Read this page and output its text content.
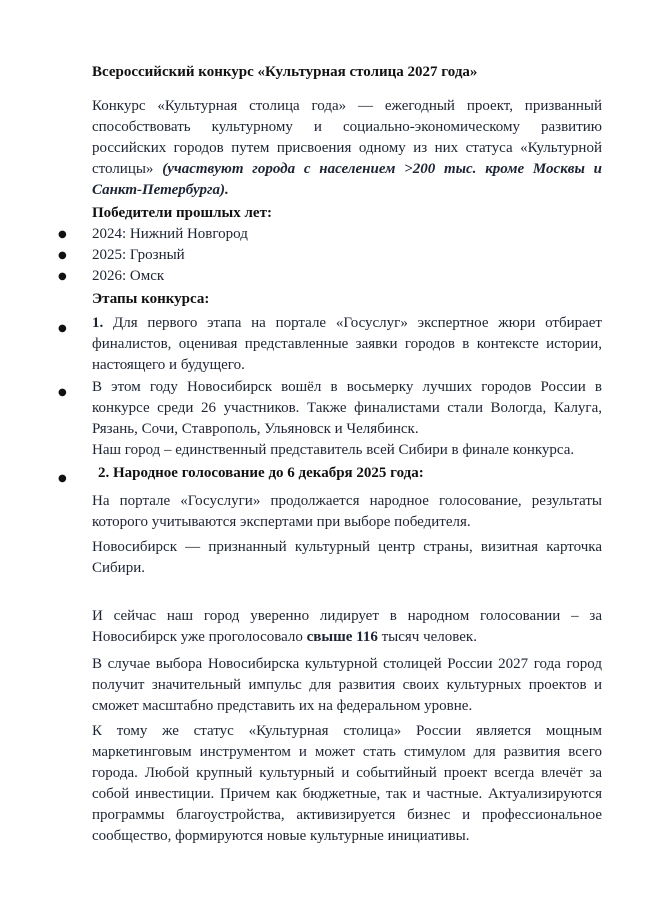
Всероссийский конкурс «Культурная столица 2027 года»

Конкурс «Культурная столица года» — ежегодный проект, призванный способствовать культурному и социально-экономическому развитию российских городов путем присвоения одному из них статуса «Культурной столицы» (участвуют города с населением >200 тыс. кроме Москвы и Санкт-Петербурга).

Победители прошлых лет:
●
●
●
2024: Нижний Новгород
2025: Грозный
2026: Омск
Этапы конкурса:
●	1. Для первого этапа на портале «Госуслуг» экспертное жюри отбирает финалистов, оценивая представленные заявки городов в контексте истории, настоящего и будущего.

●	В этом году Новосибирск вошёл в восьмерку лучших городов России в конкурсе среди 26 участников. Также финалистами стали Вологда, Калуга, Рязань, Сочи, Ставрополь, Ульяновск и Челябинск.
Наш город – единственный представитель всей Сибири в финале конкурса.

●	2. Народное голосование до 6 декабря 2025 года:

На портале «Госуслуги» продолжается народное голосование, результаты которого учитываются экспертами при выборе победителя.

Новосибирск — признанный культурный центр страны, визитная карточка Сибири.

И сейчас наш город уверенно лидирует в народном голосовании – за Новосибирск уже проголосовало свыше 116 тысяч человек.

В случае выбора Новосибирска культурной столицей России 2027 года город получит значительный импульс для развития своих культурных проектов и сможет масштабно представить их на федеральном уровне.

К тому же статус «Культурная столица» России является мощным маркетинговым инструментом и может стать стимулом для развития всего города. Любой крупный культурный и событийный проект всегда влечёт за собой инвестиции. Причем как бюджетные, так и частные. Актуализируются программы благоустройства, активизируется бизнес и профессиональное сообщество, формируются новые культурные инициативы.
